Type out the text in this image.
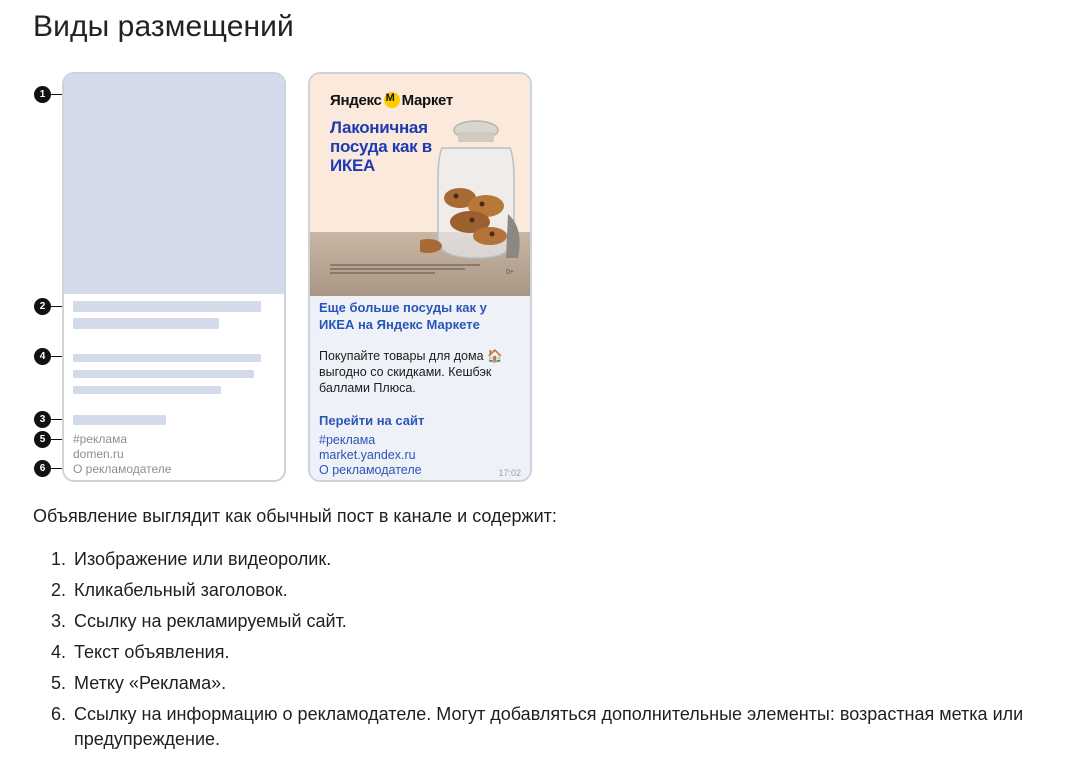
Виды размещений
1
2
4
3
5
6
#реклама
domen.ru
О рекламодателе
ЯндексM Маркет
Лаконичная посуда как в ИКЕА
0+
Еще больше посуды как у ИКЕА на Яндекс Маркете
Покупайте товары для дома 🏠 выгодно со скидками. Кешбэк баллами Плюса.
Перейти на сайт
#реклама
market.yandex.ru
О рекламодателе	17:02

Объявление выглядит как обычный пост в канале и содержит:

1. Изображение или видеоролик.
2. Кликабельный заголовок.
3. Ссылку на рекламируемый сайт.
4. Текст объявления.
5. Метку «Реклама».
6. Ссылку на информацию о рекламодателе. Могут добавляться дополнительные элементы: возрастная метка или предупреждение.
